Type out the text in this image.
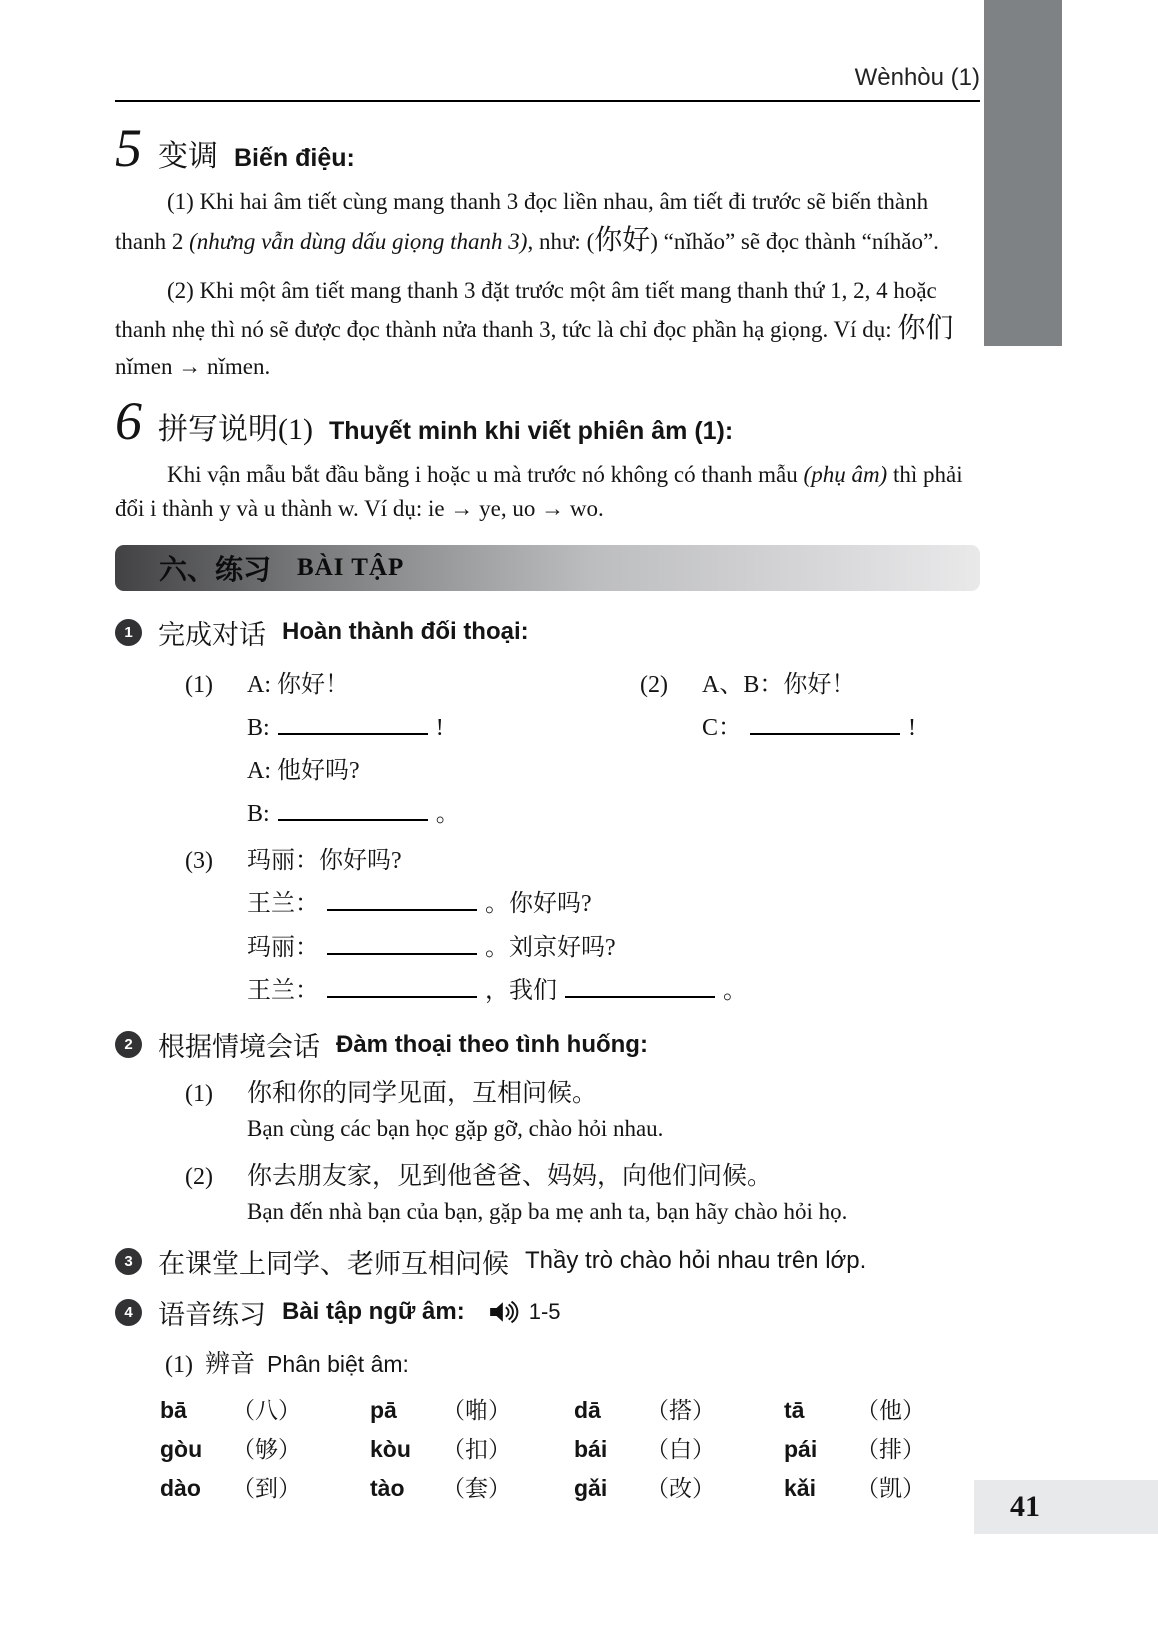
BÀI 1
Wènhòu (1)
5 变调 Biến điệu:

(1) Khi hai âm tiết cùng mang thanh 3 đọc liền nhau, âm tiết đi trước sẽ biến thành thanh 2 (nhưng vẫn dùng dấu giọng thanh 3), như: (你好) “nǐhǎo” sẽ đọc thành “níhǎo”.

(2) Khi một âm tiết mang thanh 3 đặt trước một âm tiết mang thanh thứ 1, 2, 4 hoặc thanh nhẹ thì nó sẽ được đọc thành nửa thanh 3, tức là chỉ đọc phần hạ giọng. Ví dụ: 你们 nǐmen → nǐmen.

6 拼写说明(1) Thuyết minh khi viết phiên âm (1):

Khi vận mẫu bắt đầu bằng i hoặc u mà trước nó không có thanh mẫu (phụ âm) thì phải đổi i thành y và u thành w. Ví dụ: ie → ye, uo → wo.

六、练习 BÀI TẬP
1 完成对话 Hoàn thành đối thoại:
(1)	A: 你好！
B:	!
A: 他好吗?
B:	。
(2)	A、B：你好！
C：	!
(3)	玛丽：你好吗?
王兰：	。你好吗?
玛丽：	。刘京好吗?
王兰：	，我们	。
2 根据情境会话 Đàm thoại theo tình huống:
(1)	你和你的同学见面，互相问候。
Bạn cùng các bạn học gặp gỡ, chào hỏi nhau.
(2)	你去朋友家，见到他爸爸、妈妈，向他们问候。
Bạn đến nhà bạn của bạn, gặp ba mẹ anh ta, bạn hãy chào hỏi họ.
3 在课堂上同学、老师互相问候 Thầy trò chào hỏi nhau trên lớp.
4 语音练习 Bài tập ngữ âm:	1-5
(1) 辨音 Phân biệt âm:
bā	（八）	pā	（啪）	dā	（搭）	tā	（他）
gòu	（够）	kòu	（扣）	bái	（白）	pái	（排）
dào	（到）	tào	（套）	gǎi	（改）	kǎi	（凯）
41
